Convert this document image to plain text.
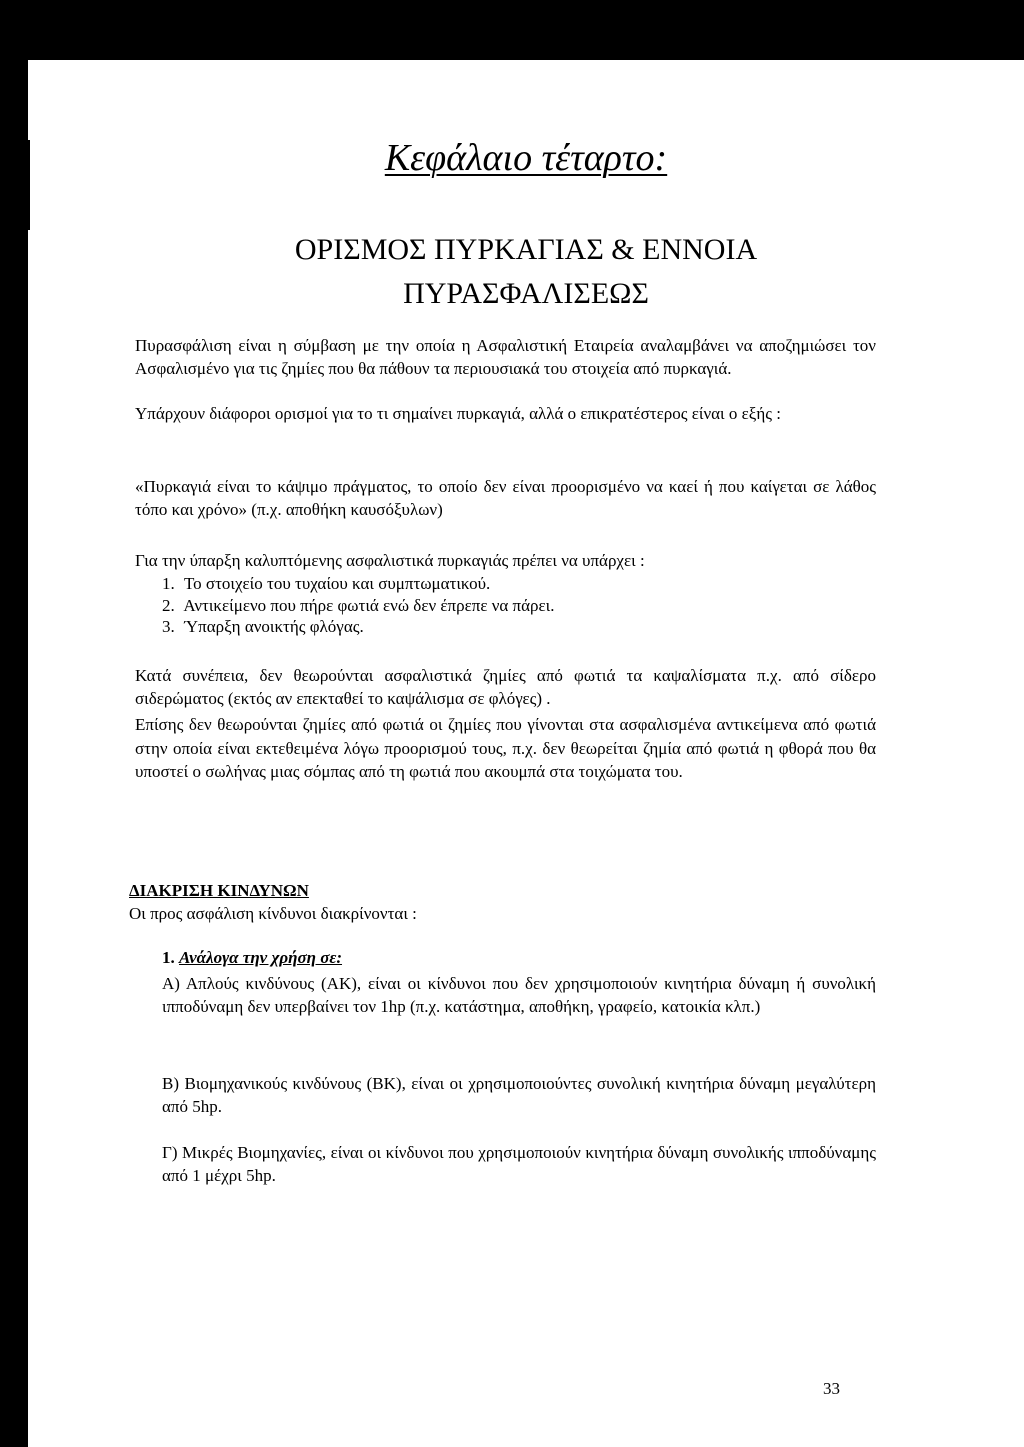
Κεφάλαιο τέταρτο:
ΟΡΙΣΜΟΣ ΠΥΡΚΑΓΙΑΣ & ΕΝΝΟΙΑ
ΠΥΡΑΣΦΑΛΙΣΕΩΣ

Πυρασφάλιση είναι η σύμβαση με την οποία η Ασφαλιστική Εταιρεία αναλαμβάνει να αποζημιώσει τον Ασφαλισμένο για τις ζημίες που θα πάθουν τα περιουσιακά του στοιχεία από πυρκαγιά.

Υπάρχουν διάφοροι ορισμοί για το τι σημαίνει πυρκαγιά, αλλά ο επικρατέστερος είναι ο εξής :

«Πυρκαγιά είναι το κάψιμο πράγματος, το οποίο δεν είναι προορισμένο να καεί ή που καίγεται σε λάθος τόπο και χρόνο» (π.χ. αποθήκη καυσόξυλων)

Για την ύπαρξη καλυπτόμενης ασφαλιστικά πυρκαγιάς πρέπει να υπάρχει :

1. Το στοιχείο του τυχαίου και συμπτωματικού.
2. Αντικείμενο που πήρε φωτιά ενώ δεν έπρεπε να πάρει.
3. Ύπαρξη ανοικτής φλόγας.

Κατά συνέπεια, δεν θεωρούνται ασφαλιστικά ζημίες από φωτιά τα καψαλίσματα π.χ. από σίδερο σιδερώματος (εκτός αν επεκταθεί το καψάλισμα σε φλόγες) .

Επίσης δεν θεωρούνται ζημίες από φωτιά οι ζημίες που γίνονται στα ασφαλισμένα αντικείμενα από φωτιά στην οποία είναι εκτεθειμένα λόγω προορισμού τους, π.χ. δεν θεωρείται ζημία από φωτιά η φθορά που θα υποστεί ο σωλήνας μιας σόμπας από τη φωτιά που ακουμπά στα τοιχώματα του.

ΔΙΑΚΡΙΣΗ ΚΙΝΔΥΝΩΝ

Οι προς ασφάλιση κίνδυνοι διακρίνονται :

1. Ανάλογα την χρήση σε:

Α) Απλούς κινδύνους (ΑΚ), είναι οι κίνδυνοι που δεν χρησιμοποιούν κινητήρια δύναμη ή συνολική ιπποδύναμη δεν υπερβαίνει τον 1hp (π.χ. κατάστημα, αποθήκη, γραφείο, κατοικία κλπ.)

Β) Βιομηχανικούς κινδύνους (ΒΚ), είναι οι χρησιμοποιούντες συνολική κινητήρια δύναμη μεγαλύτερη από 5hp.

Γ) Μικρές Βιομηχανίες, είναι οι κίνδυνοι που χρησιμοποιούν κινητήρια δύναμη συνολικής ιπποδύναμης από 1 μέχρι 5hp.

33
